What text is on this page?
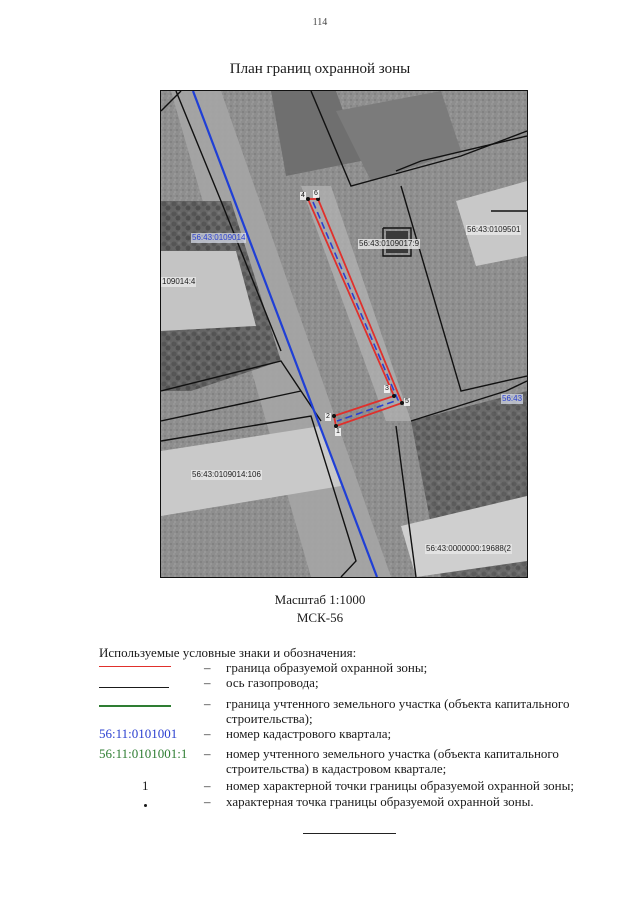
114
План границ охранной зоны
56:43:0109014
109014:4
56:43:0109017:9
56:43:0109501
56:43
56:43:0109014:106
56:43:0000000:19688(2
1
2
3
4
5
6
Масштаб 1:1000
МСК-56
Используемые условные знаки и обозначения:
– граница образуемой охранной зоны;
– ось газопровода;
– граница учтенного земельного участка (объекта капитального строительства);
56:11:0101001 – номер кадастрового квартала;
56:11:0101001:1 – номер учтенного земельного участка (объекта капитального строительства) в кадастровом квартале;
1	– номер характерной точки границы образуемой охранной зоны;
– характерная точка границы образуемой охранной зоны.
